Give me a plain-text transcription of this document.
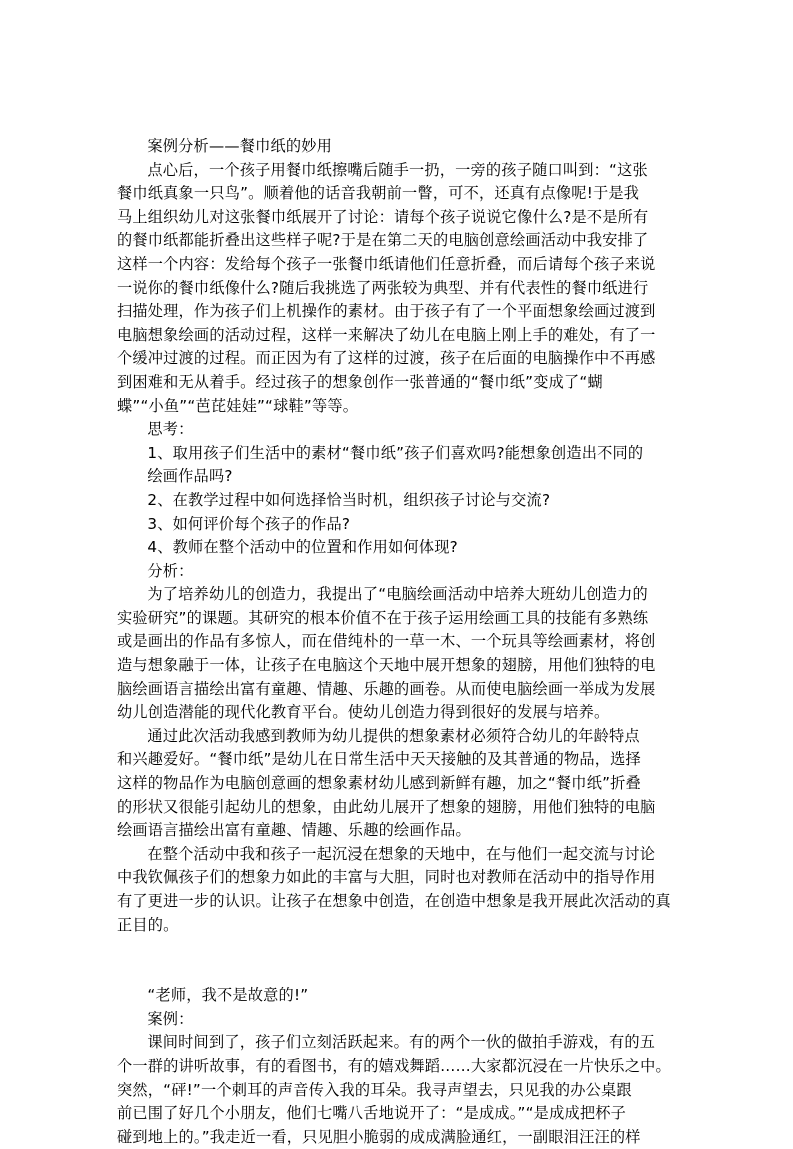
案例分析——餐巾纸的妙用
点心后，一个孩子用餐巾纸擦嘴后随手一扔，一旁的孩子随口叫到：“这张
餐巾纸真象一只鸟”。顺着他的话音我朝前一瞥，可不，还真有点像呢!于是我
马上组织幼儿对这张餐巾纸展开了讨论：请每个孩子说说它像什么?是不是所有
的餐巾纸都能折叠出这些样子呢?于是在第二天的电脑创意绘画活动中我安排了
这样一个内容：发给每个孩子一张餐巾纸请他们任意折叠，而后请每个孩子来说
一说你的餐巾纸像什么?随后我挑选了两张较为典型、并有代表性的餐巾纸进行
扫描处理，作为孩子们上机操作的素材。由于孩子有了一个平面想象绘画过渡到
电脑想象绘画的活动过程，这样一来解决了幼儿在电脑上刚上手的难处，有了一
个缓冲过渡的过程。而正因为有了这样的过渡，孩子在后面的电脑操作中不再感
到困难和无从着手。经过孩子的想象创作一张普通的“餐巾纸”变成了“蝴
蝶”“小鱼”“芭芘娃娃”“球鞋”等等。
思考：
1、取用孩子们生活中的素材“餐巾纸”孩子们喜欢吗?能想象创造出不同的
绘画作品吗?
2、在教学过程中如何选择恰当时机，组织孩子讨论与交流?
3、如何评价每个孩子的作品?
4、教师在整个活动中的位置和作用如何体现?
分析：
为了培养幼儿的创造力，我提出了“电脑绘画活动中培养大班幼儿创造力的
实验研究”的课题。其研究的根本价值不在于孩子运用绘画工具的技能有多熟练
或是画出的作品有多惊人，而在借纯朴的一草一木、一个玩具等绘画素材，将创
造与想象融于一体，让孩子在电脑这个天地中展开想象的翅膀，用他们独特的电
脑绘画语言描绘出富有童趣、情趣、乐趣的画卷。从而使电脑绘画一举成为发展
幼儿创造潜能的现代化教育平台。使幼儿创造力得到很好的发展与培养。
通过此次活动我感到教师为幼儿提供的想象素材必须符合幼儿的年龄特点
和兴趣爱好。“餐巾纸”是幼儿在日常生活中天天接触的及其普通的物品，选择
这样的物品作为电脑创意画的想象素材幼儿感到新鲜有趣，加之“餐巾纸”折叠
的形状又很能引起幼儿的想象，由此幼儿展开了想象的翅膀，用他们独特的电脑
绘画语言描绘出富有童趣、情趣、乐趣的绘画作品。
在整个活动中我和孩子一起沉浸在想象的天地中，在与他们一起交流与讨论
中我钦佩孩子们的想象力如此的丰富与大胆，同时也对教师在活动中的指导作用
有了更进一步的认识。让孩子在想象中创造，在创造中想象是我开展此次活动的真
正目的。
“老师，我不是故意的!”
案例：
课间时间到了，孩子们立刻活跃起来。有的两个一伙的做拍手游戏，有的五
个一群的讲听故事，有的看图书，有的嬉戏舞蹈……大家都沉浸在一片快乐之中。
突然，“砰!”一个刺耳的声音传入我的耳朵。我寻声望去，只见我的办公桌跟
前已围了好几个小朋友，他们七嘴八舌地说开了：“是成成。”“是成成把杯子
碰到地上的。”我走近一看，只见胆小脆弱的成成满脸通红，一副眼泪汪汪的样
